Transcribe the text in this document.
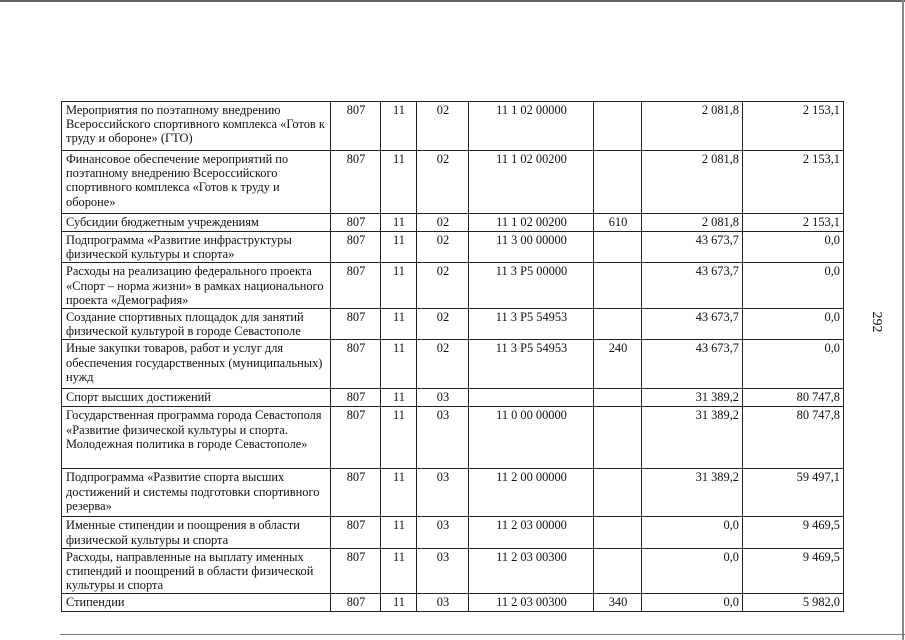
292
Мероприятия по поэтапному внедрению Всероссийского спортивного комплекса «Готов к труду и обороне» (ГТО)	807	11	02	11 1 02 00000		2 081,8	2 153,1
Финансовое обеспечение мероприятий по поэтапному внедрению Всероссийского спортивного комплекса «Готов к труду и обороне»	807	11	02	11 1 02 00200		2 081,8	2 153,1
Субсидии бюджетным учреждениям	807	11	02	11 1 02 00200	610	2 081,8	2 153,1
Подпрограмма «Развитие инфраструктуры физической культуры и спорта»	807	11	02	11 3 00 00000		43 673,7	0,0
Расходы на реализацию федерального проекта «Спорт – норма жизни» в рамках национального проекта «Демография»	807	11	02	11 3 P5 00000		43 673,7	0,0
Создание спортивных площадок для занятий физической культурой в городе Севастополе	807	11	02	11 3 P5 54953		43 673,7	0,0
Иные закупки товаров, работ и услуг для обеспечения государственных (муниципальных) нужд	807	11	02	11 3 P5 54953	240	43 673,7	0,0
Спорт высших достижений	807	11	03			31 389,2	80 747,8
Государственная программа города Севастополя «Развитие физической культуры и спорта. Молодежная политика в городе Севастополе»	807	11	03	11 0 00 00000		31 389,2	80 747,8
Подпрограмма «Развитие спорта высших достижений и системы подготовки спортивного резерва»	807	11	03	11 2 00 00000		31 389,2	59 497,1
Именные стипендии и поощрения в области физической культуры и спорта	807	11	03	11 2 03 00000		0,0	9 469,5
Расходы, направленные на выплату именных стипендий и поощрений в области физической культуры и спорта	807	11	03	11 2 03 00300		0,0	9 469,5
Стипендии	807	11	03	11 2 03 00300	340	0,0	5 982,0
